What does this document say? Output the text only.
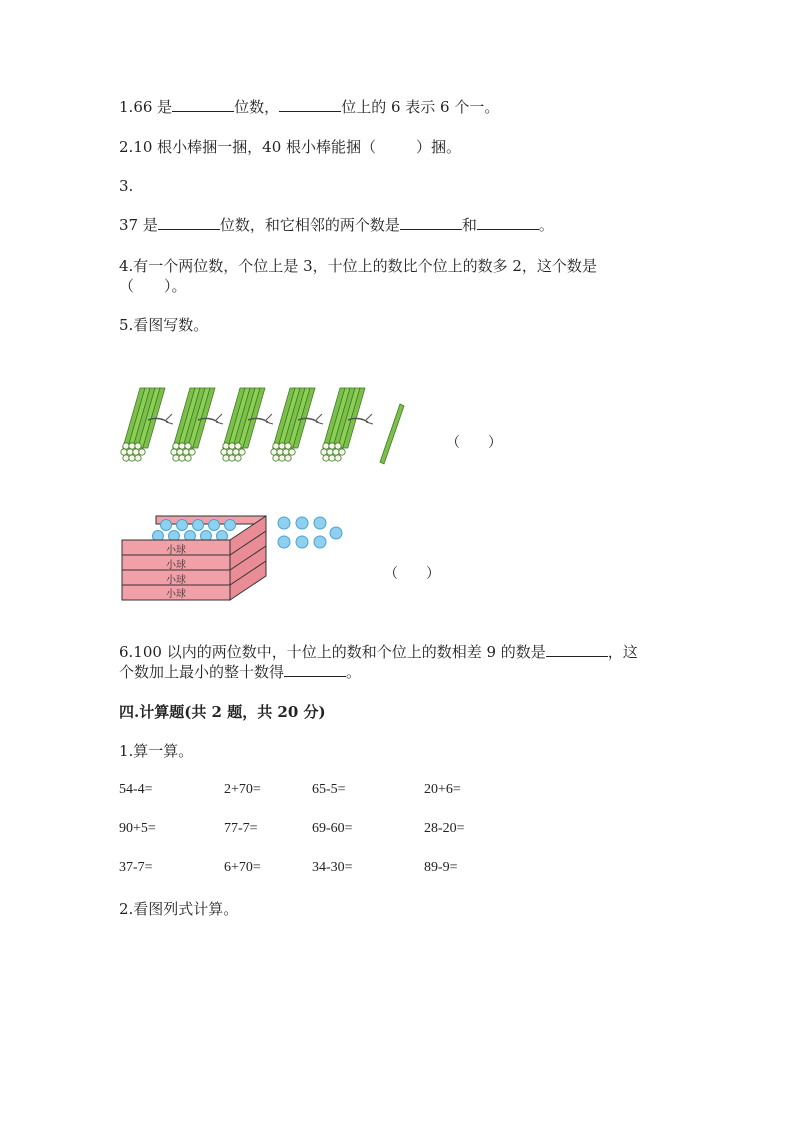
1.66 是	位数，	位上的 6 表示 6 个一。
2.10 根小棒捆一捆，40 根小棒能捆（	）捆。
3.
37 是	位数，和它相邻的两个数是	和	。
4.有一个两位数，个位上是 3，十位上的数比个位上的数多 2，这个数是
（　　）。
5.看图写数。
（　　）
小球
小球
小球
小球
（　　）
6.100 以内的两位数中，十位上的数和个位上的数相差 9 的数是	，这
个数加上最小的整十数得	。
四.计算题(共 2 题，共 20 分)
1.算一算。
54-4=	2+70=	65-5=	20+6=
90+5=	77-7=	69-60=	28-20=
37-7=	6+70=	34-30=	89-9=
2.看图列式计算。
